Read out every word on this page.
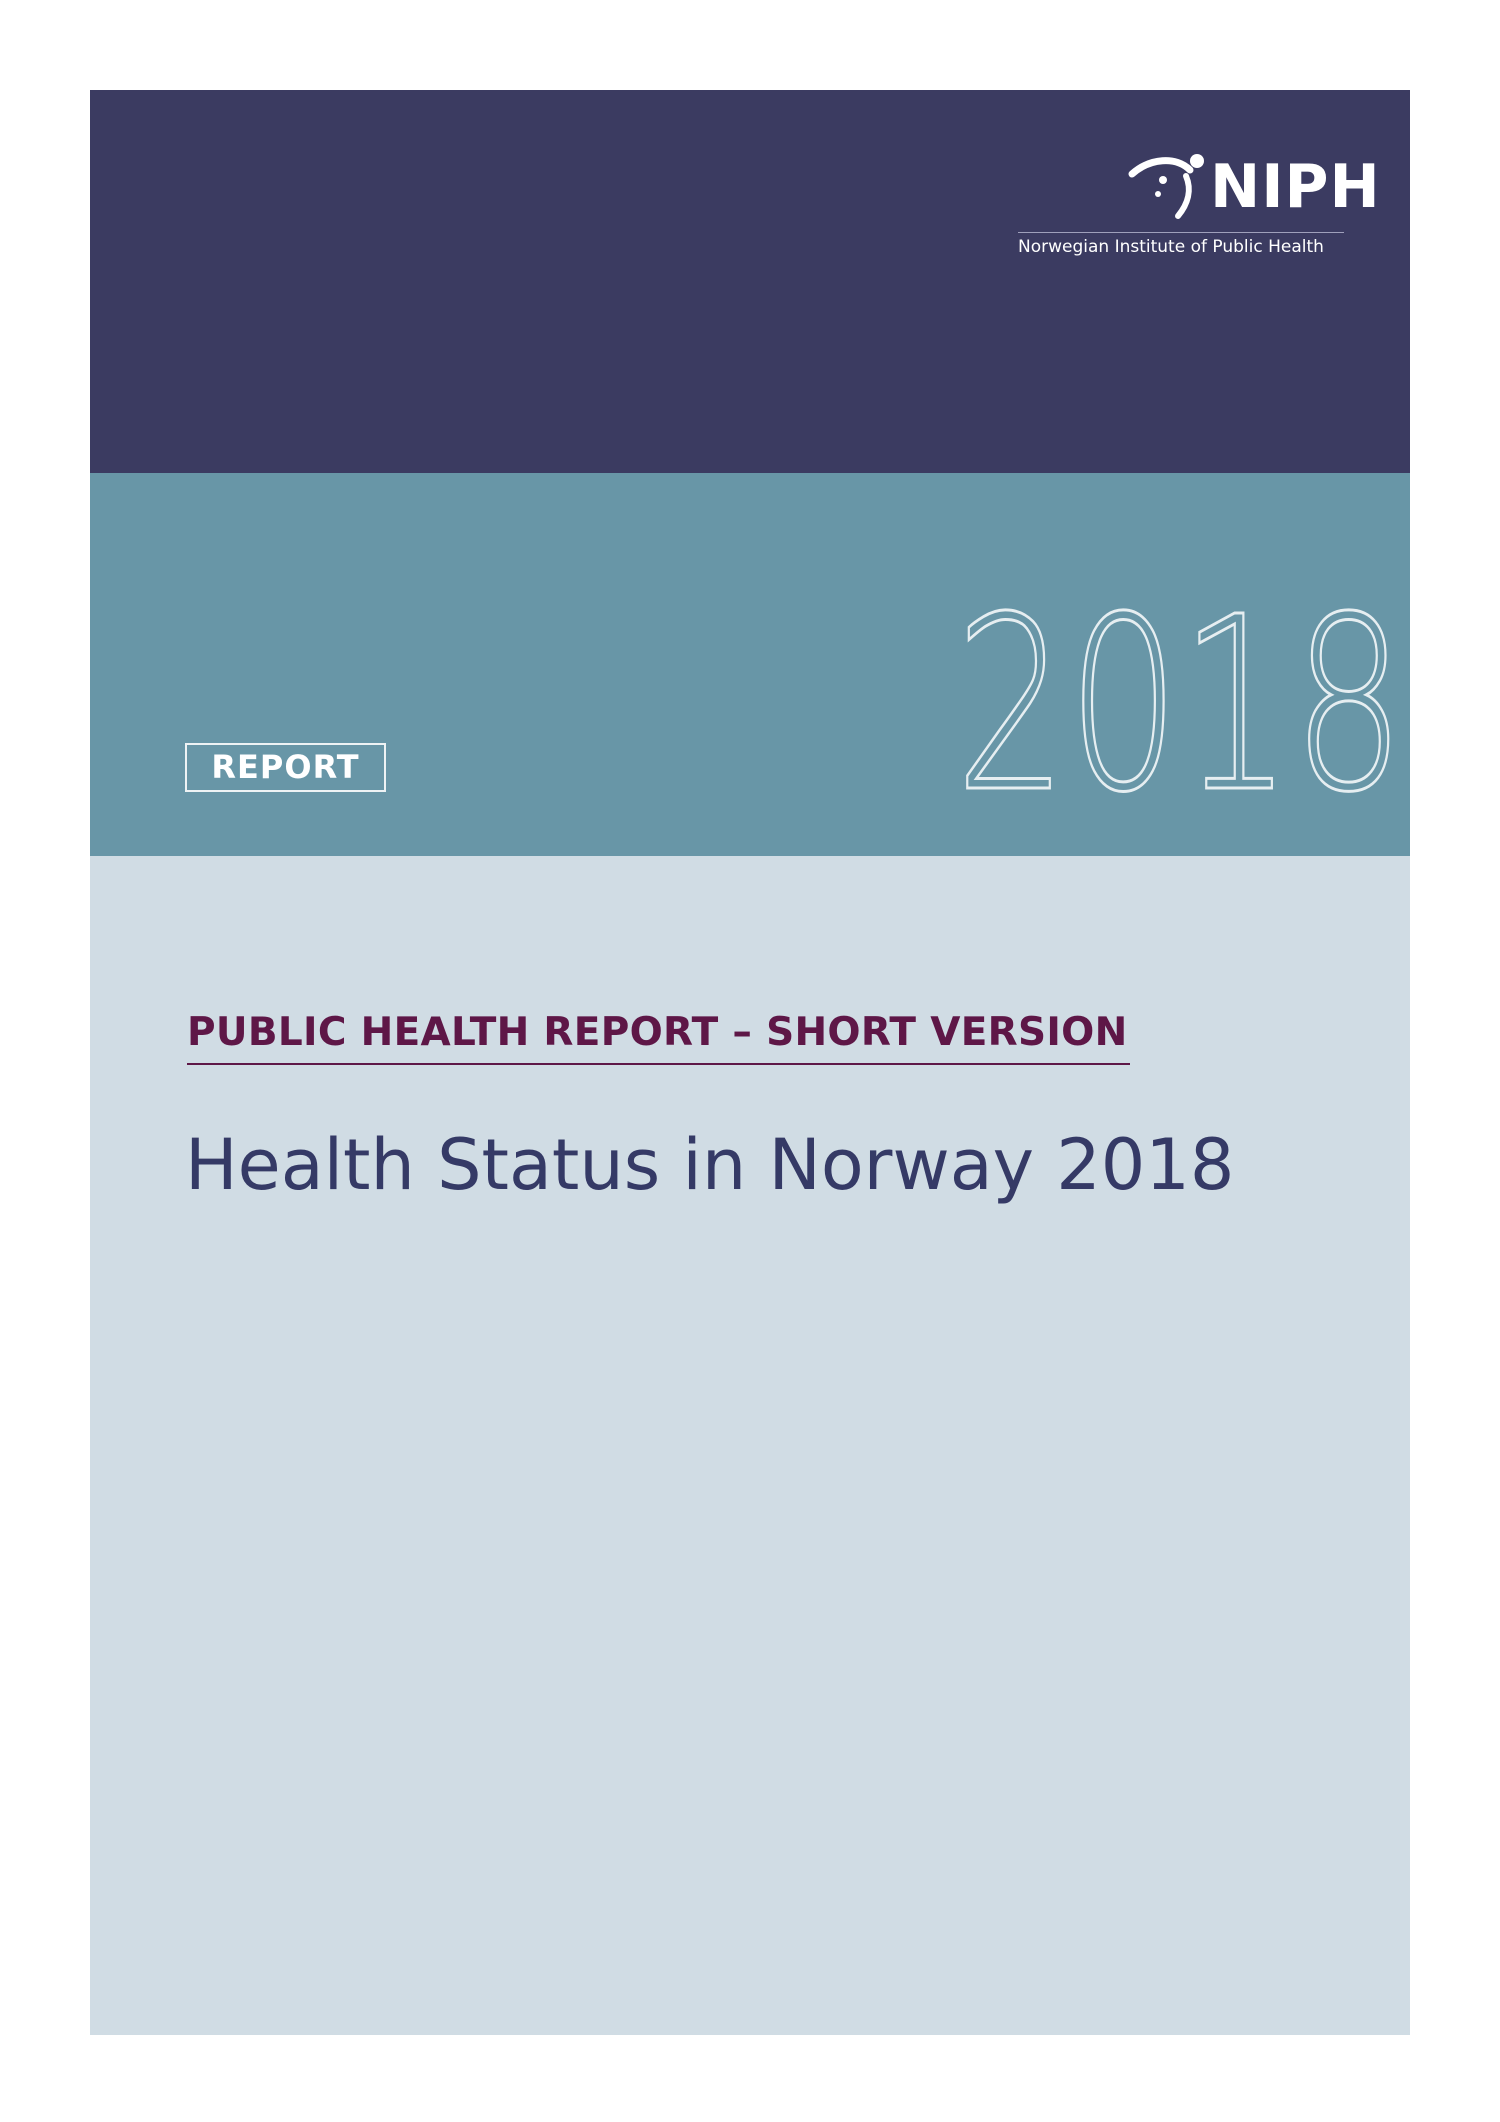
NIPH
Norwegian Institute of Public Health
REPORT 2018
PUBLIC HEALTH REPORT – SHORT VERSION
Health Status in Norway 2018
